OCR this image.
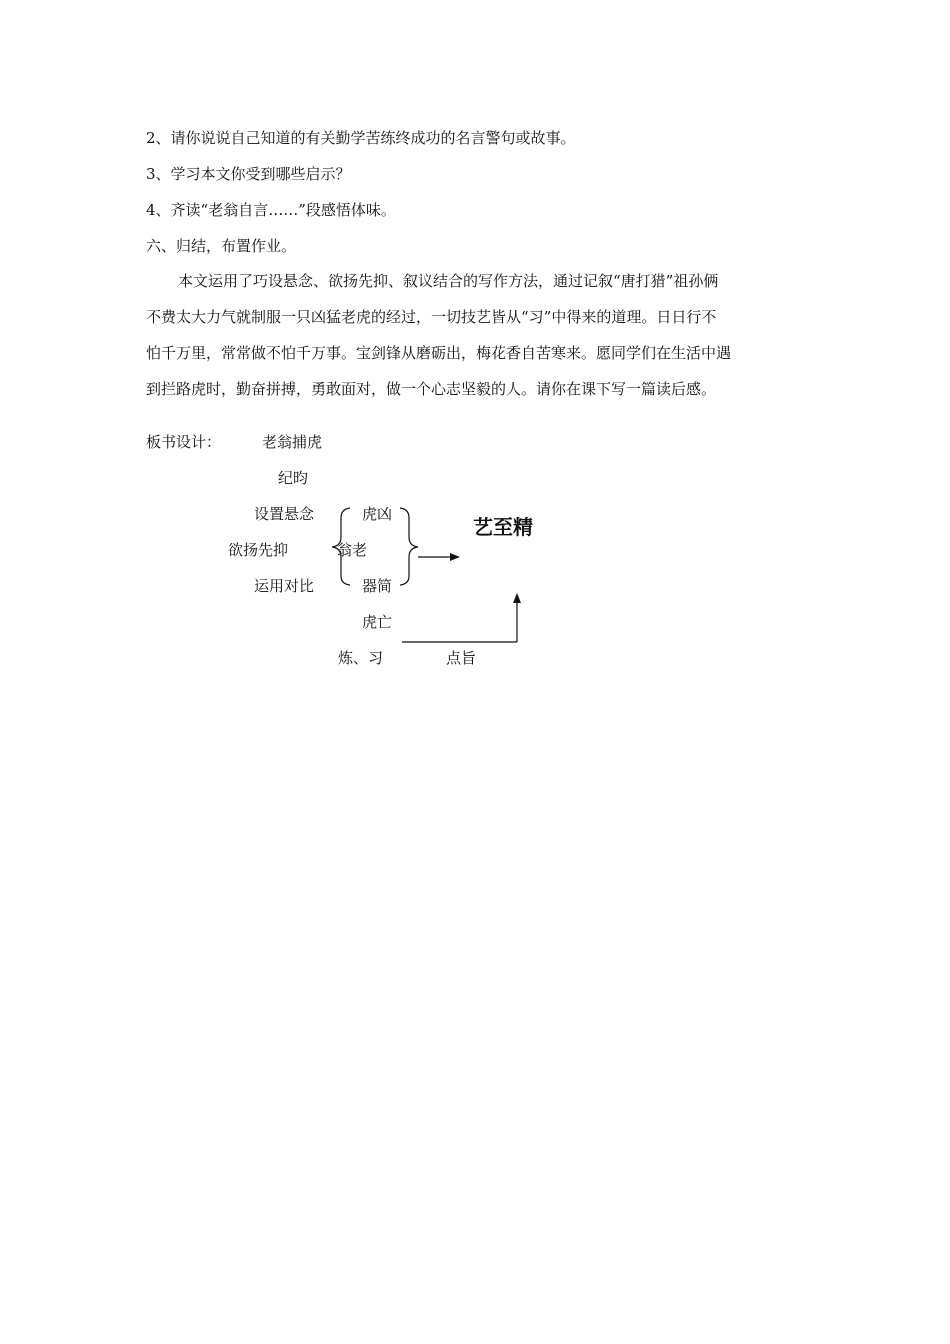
2、请你说说自己知道的有关勤学苦练终成功的名言警句或故事。
3、学习本文你受到哪些启示？
4、齐读“老翁自言……”段感悟体味。
六、归结，布置作业。
本文运用了巧设悬念、欲扬先抑、叙议结合的写作方法，通过记叙“唐打猎”祖孙俩
不费太大力气就制服一只凶猛老虎的经过，一切技艺皆从“习”中得来的道理。日日行不
怕千万里，常常做不怕千万事。宝剑锋从磨砺出，梅花香自苦寒来。愿同学们在生活中遇
到拦路虎时，勤奋拼搏，勇敢面对，做一个心志坚毅的人。请你在课下写一篇读后感。
板书设计：	老翁捕虎
纪昀
设置悬念
欲扬先抑
运用对比
虎凶
翁老
器简
虎亡
艺至精
炼、习	点旨
